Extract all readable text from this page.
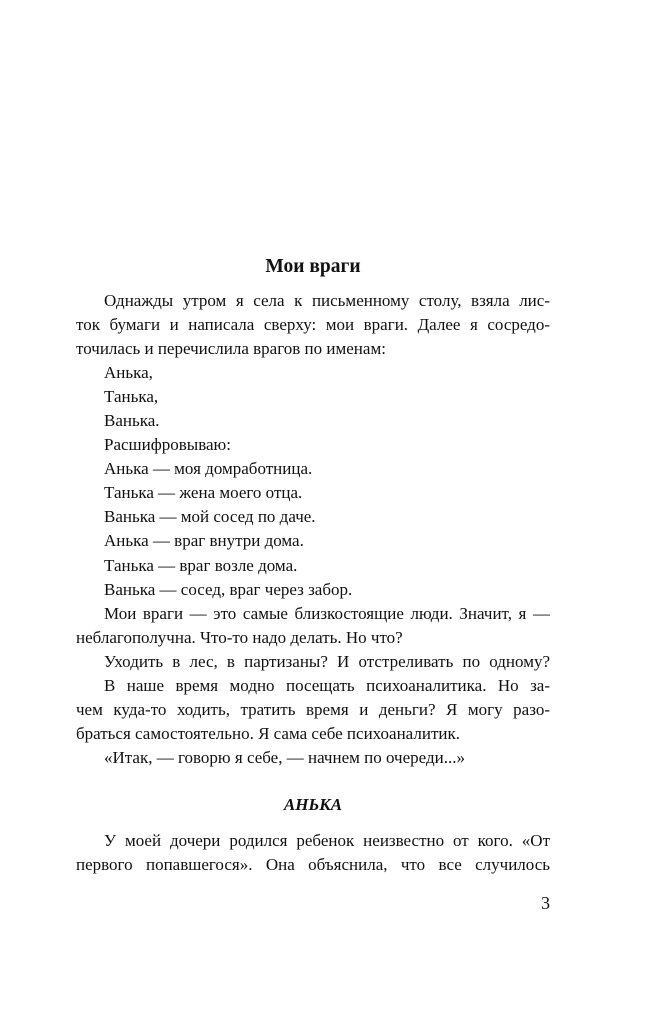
Мои враги
Однажды утром я села к письменному столу, взяла лис-
ток бумаги и написала сверху: мои враги. Далее я сосредо-
точилась и перечислила врагов по именам:
Анька,
Танька,
Ванька.
Расшифровываю:
Анька — моя домработница.
Танька — жена моего отца.
Ванька — мой сосед по даче.
Анька — враг внутри дома.
Танька — враг возле дома.
Ванька — сосед, враг через забор.
Мои враги — это самые близкостоящие люди. Значит, я —
неблагополучна. Что-то надо делать. Но что?
Уходить в лес, в партизаны? И отстреливать по одному?
В наше время модно посещать психоаналитика. Но за-
чем куда-то ходить, тратить время и деньги? Я могу разо-
браться самостоятельно. Я сама себе психоаналитик.
«Итак, — говорю я себе, — начнем по очереди...»
АНЬКА
У моей дочери родился ребенок неизвестно от кого. «От
первого попавшегося». Она объяснила, что все случилось
3
